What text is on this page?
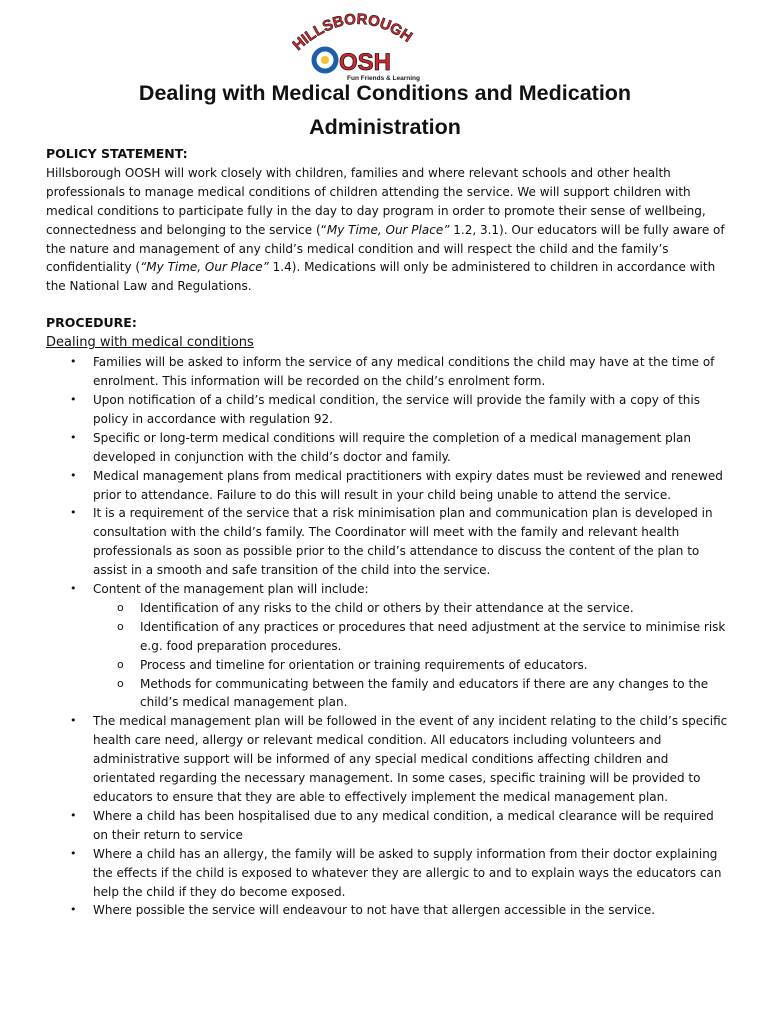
HILLSBOROUGH
OSH
Fun Friends & Learning
Dealing with Medical Conditions and Medication
Administration

POLICY STATEMENT:

Hillsborough OOSH will work closely with children, families and where relevant schools and other health professionals to manage medical conditions of children attending the service. We will support children with medical conditions to participate fully in the day to day program in order to promote their sense of wellbeing, connectedness and belonging to the service (“My Time, Our Place” 1.2, 3.1). Our educators will be fully aware of the nature and management of any child’s medical condition and will respect the child and the family’s confidentiality (“My Time, Our Place” 1.4). Medications will only be administered to children in accordance with the National Law and Regulations.

PROCEDURE:

Dealing with medical conditions

• Families will be asked to inform the service of any medical conditions the child may have at the time of enrolment. This information will be recorded on the child’s enrolment form.
• Upon notification of a child’s medical condition, the service will provide the family with a copy of this policy in accordance with regulation 92.
• Specific or long-term medical conditions will require the completion of a medical management plan developed in conjunction with the child’s doctor and family.
• Medical management plans from medical practitioners with expiry dates must be reviewed and renewed prior to attendance. Failure to do this will result in your child being unable to attend the service.
• It is a requirement of the service that a risk minimisation plan and communication plan is developed in consultation with the child’s family. The Coordinator will meet with the family and relevant health professionals as soon as possible prior to the child’s attendance to discuss the content of the plan to assist in a smooth and safe transition of the child into the service.
• Content of the management plan will include:
o Identification of any risks to the child or others by their attendance at the service.
o Identification of any practices or procedures that need adjustment at the service to minimise risk e.g. food preparation procedures.
o Process and timeline for orientation or training requirements of educators.
o Methods for communicating between the family and educators if there are any changes to the child’s medical management plan.
• The medical management plan will be followed in the event of any incident relating to the child’s specific health care need, allergy or relevant medical condition. All educators including volunteers and administrative support will be informed of any special medical conditions affecting children and orientated regarding the necessary management. In some cases, specific training will be provided to educators to ensure that they are able to effectively implement the medical management plan.
• Where a child has been hospitalised due to any medical condition, a medical clearance will be required on their return to service
• Where a child has an allergy, the family will be asked to supply information from their doctor explaining the effects if the child is exposed to whatever they are allergic to and to explain ways the educators can help the child if they do become exposed.
• Where possible the service will endeavour to not have that allergen accessible in the service.
